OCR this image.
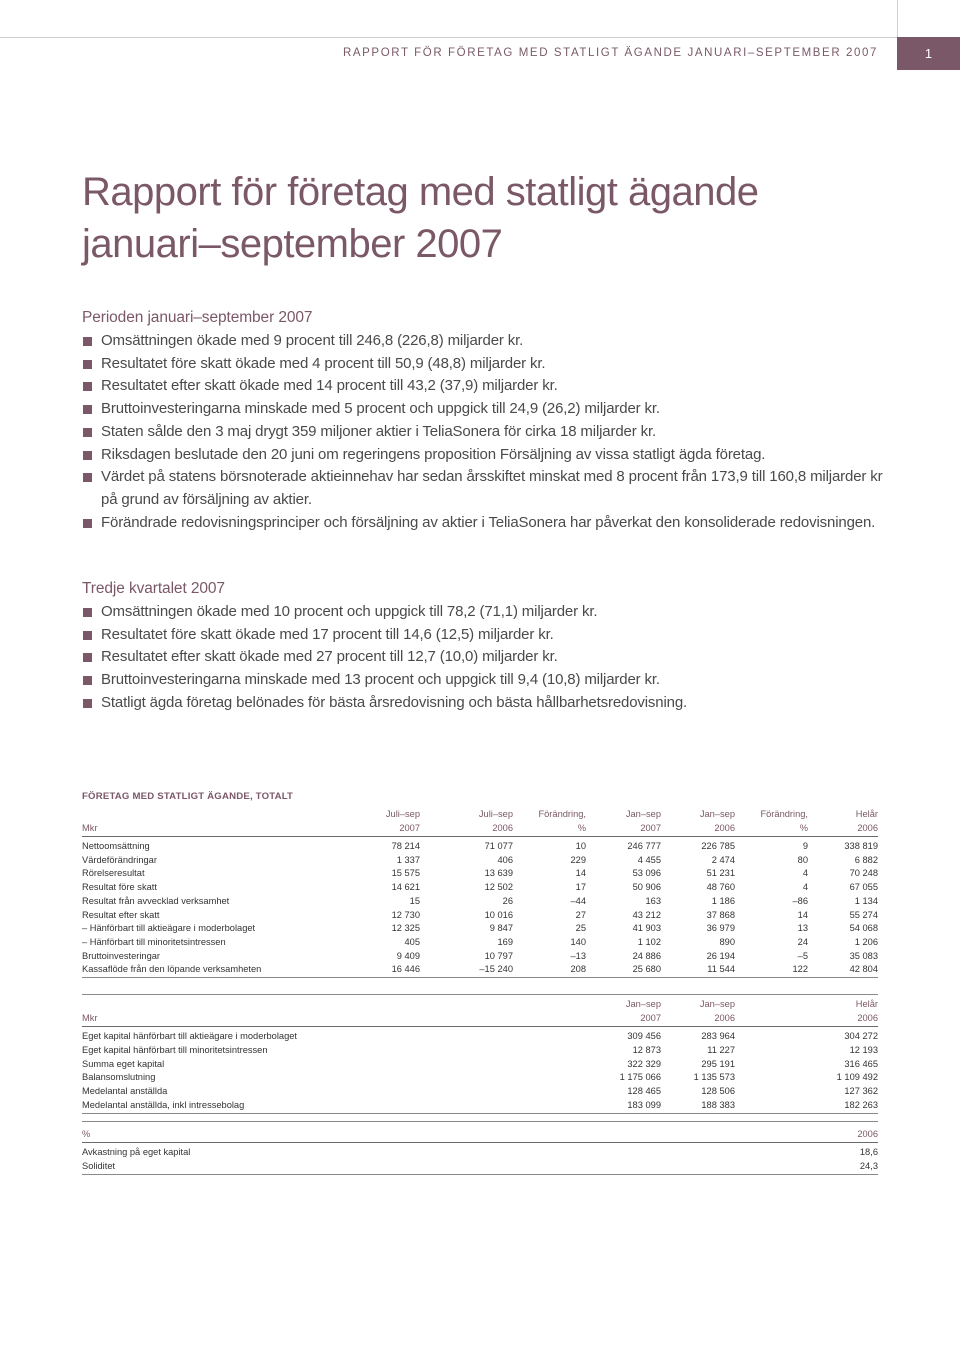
RAPPORT FÖR FÖRETAG MED STATLIGT ÄGANDE JANUARI–SEPTEMBER 2007	1
Rapport för företag med statligt ägande
januari–september 2007
Perioden januari–september 2007
Omsättningen ökade med 9 procent till 246,8 (226,8) miljarder kr.
Resultatet före skatt ökade med 4 procent till 50,9 (48,8) miljarder kr.
Resultatet efter skatt ökade med 14 procent till 43,2 (37,9) miljarder kr.
Bruttoinvesteringarna minskade med 5 procent och uppgick till 24,9 (26,2) miljarder kr.
Staten sålde den 3 maj drygt 359 miljoner aktier i TeliaSonera för cirka 18 miljarder kr.
Riksdagen beslutade den 20 juni om regeringens proposition Försäljning av vissa statligt ägda företag.
Värdet på statens börsnoterade aktieinnehav har sedan årsskiftet minskat med 8 procent från 173,9 till 160,8 miljarder kr på grund av försäljning av aktier.
Förändrade redovisningsprinciper och försäljning av aktier i TeliaSonera har påverkat den konsoliderade redovisningen.
Tredje kvartalet 2007
Omsättningen ökade med 10 procent och uppgick till 78,2 (71,1) miljarder kr.
Resultatet före skatt ökade med 17 procent till 14,6 (12,5) miljarder kr.
Resultatet efter skatt ökade med 27 procent till 12,7 (10,0) miljarder kr.
Bruttoinvesteringarna minskade med 13 procent och uppgick till 9,4 (10,8) miljarder kr.
Statligt ägda företag belönades för bästa årsredovisning och bästa hållbarhetsredovisning.
FÖRETAG MED STATLIGT ÄGANDE, TOTALT
	Juli–sep	Juli–sep	Förändring,	Jan–sep	Jan–sep	Förändring,	Helår
Mkr	2007	2006	%	2007	2006	%	2006
Nettoomsättning	78 214	71 077	10	246 777	226 785	9	338 819
Värdeförändringar	1 337	406	229	4 455	2 474	80	6 882
Rörelseresultat	15 575	13 639	14	53 096	51 231	4	70 248
Resultat före skatt	14 621	12 502	17	50 906	48 760	4	67 055
Resultat från avvecklad verksamhet	15	26	–44	163	1 186	–86	1 134
Resultat efter skatt	12 730	10 016	27	43 212	37 868	14	55 274
– Hänförbart till aktieägare i moderbolaget	12 325	9 847	25	41 903	36 979	13	54 068
– Hänförbart till minoritetsintressen	405	169	140	1 102	890	24	1 206
Bruttoinvesteringar	9 409	10 797	–13	24 886	26 194	–5	35 083
Kassaflöde från den löpande verksamheten	16 446	–15 240	208	25 680	11 544	122	42 804
	Jan–sep	Jan–sep	Helår
Mkr	2007	2006	2006
Eget kapital hänförbart till aktieägare i moderbolaget	309 456	283 964	304 272
Eget kapital hänförbart till minoritetsintressen	12 873	11 227	12 193
Summa eget kapital	322 329	295 191	316 465
Balansomslutning	1 175 066	1 135 573	1 109 492
Medelantal anställda	128 465	128 506	127 362
Medelantal anställda, inkl intressebolag	183 099	188 383	182 263
%	2006
Avkastning på eget kapital	18,6
Soliditet	24,3
